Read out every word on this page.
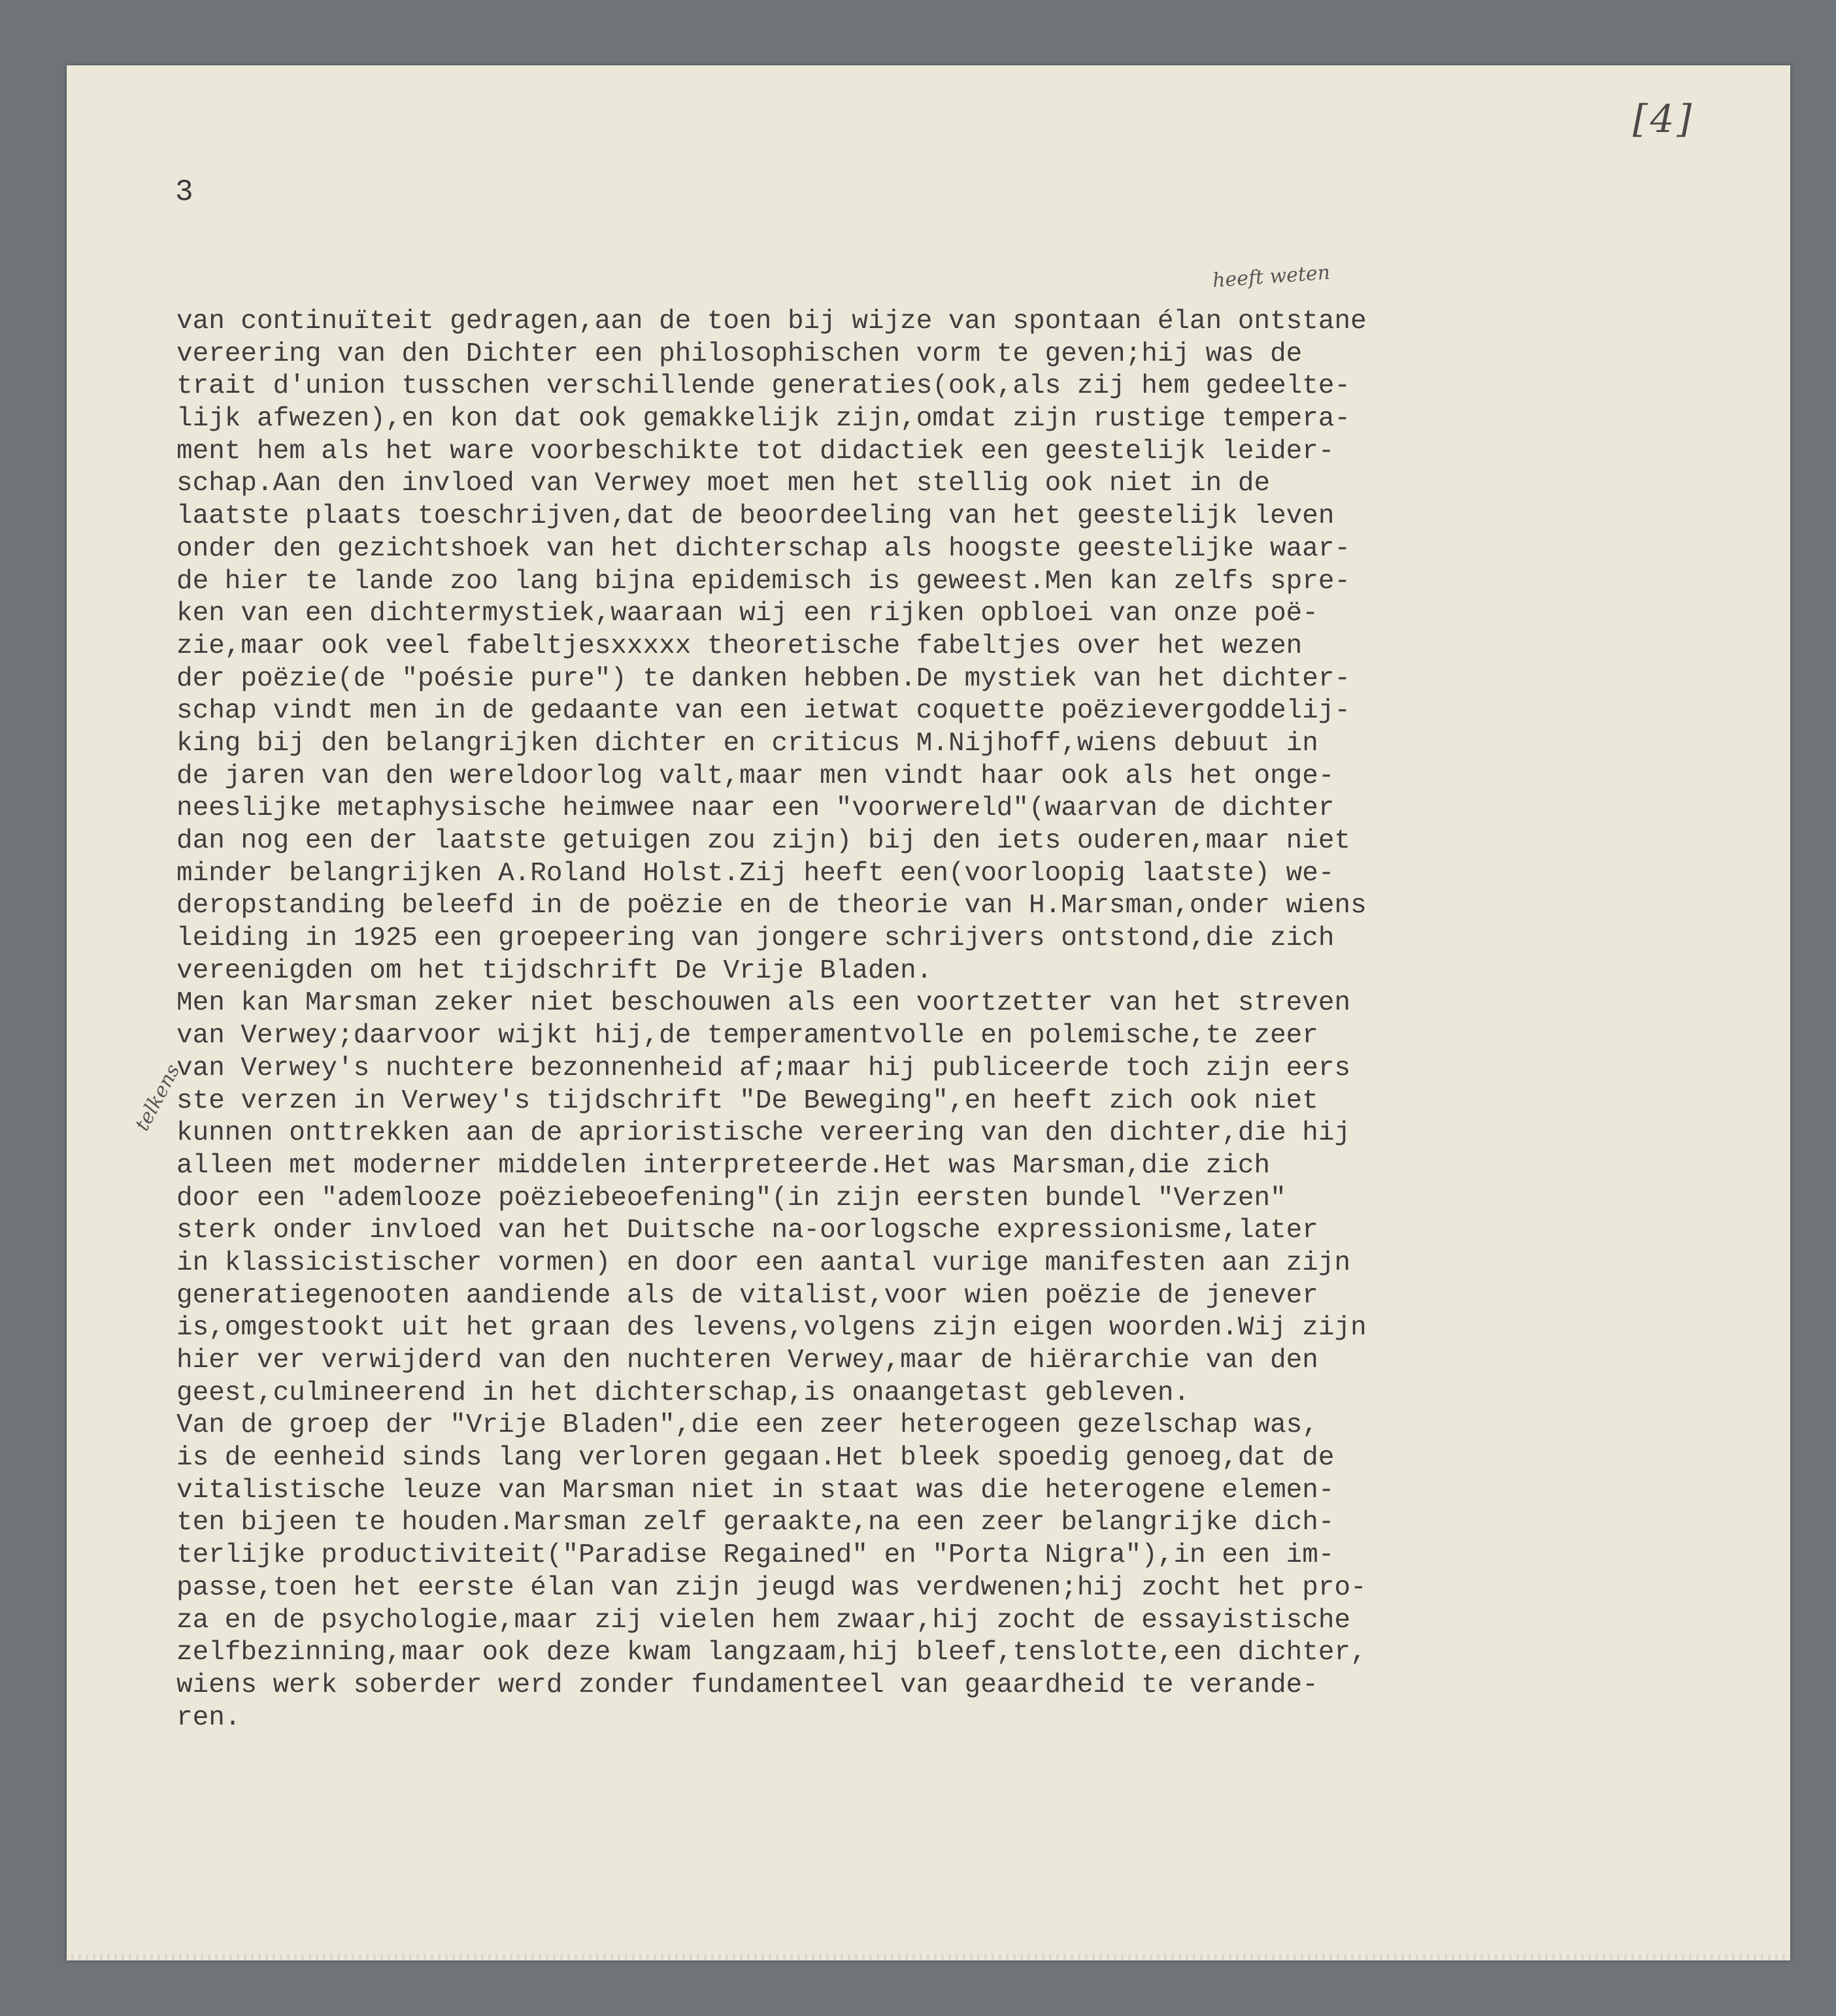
[4]

3

heeft weten

telkens

van continuïteit gedragen,aan de toen bij wijze van spontaan élan ontstane
vereering van den Dichter een philosophischen vorm te geven;hij was de
trait d'union tusschen verschillende generaties(ook,als zij hem gedeelte-
lijk afwezen),en kon dat ook gemakkelijk zijn,omdat zijn rustige tempera-
ment hem als het ware voorbeschikte tot didactiek een geestelijk leider-
schap.Aan den invloed van Verwey moet men het stellig ook niet in de
laatste plaats toeschrijven,dat de beoordeeling van het geestelijk leven
onder den gezichtshoek van het dichterschap als hoogste geestelijke waar-
de hier te lande zoo lang bijna epidemisch is geweest.Men kan zelfs spre-
ken van een dichtermystiek,waaraan wij een rijken opbloei van onze poë-
zie,maar ook veel fabeltjesxxxxx theoretische fabeltjes over het wezen
der poëzie(de "poésie pure") te danken hebben.De mystiek van het dichter-
schap vindt men in de gedaante van een ietwat coquette poëzievergoddelij-
king bij den belangrijken dichter en criticus M.Nijhoff,wiens debuut in
de jaren van den wereldoorlog valt,maar men vindt haar ook als het onge-
neeslijke metaphysische heimwee naar een "voorwereld"(waarvan de dichter
dan nog een der laatste getuigen zou zijn) bij den iets ouderen,maar niet
minder belangrijken A.Roland Holst.Zij heeft een(voorloopig laatste) we-
deropstanding beleefd in de poëzie en de theorie van H.Marsman,onder wiens
leiding in 1925 een groepeering van jongere schrijvers ontstond,die zich
vereenigden om het tijdschrift De Vrije Bladen.
Men kan Marsman zeker niet beschouwen als een voortzetter van het streven
van Verwey;daarvoor wijkt hij,de temperamentvolle en polemische,te zeer
van Verwey's nuchtere bezonnenheid af;maar hij publiceerde toch zijn eers
ste verzen in Verwey's tijdschrift "De Beweging",en heeft zich ook niet
kunnen onttrekken aan de aprioristische vereering van den dichter,die hij
alleen met moderner middelen interpreteerde.Het was Marsman,die zich
door een "ademlooze poëziebeoefening"(in zijn eersten bundel "Verzen"
sterk onder invloed van het Duitsche na-oorlogsche expressionisme,later
in klassicistischer vormen) en door een aantal vurige manifesten aan zijn
generatiegenooten aandiende als de vitalist,voor wien poëzie de jenever
is,omgestookt uit het graan des levens,volgens zijn eigen woorden.Wij zijn
hier ver verwijderd van den nuchteren Verwey,maar de hiërarchie van den
geest,culmineerend in het dichterschap,is onaangetast gebleven.
Van de groep der "Vrije Bladen",die een zeer heterogeen gezelschap was,
is de eenheid sinds lang verloren gegaan.Het bleek spoedig genoeg,dat de
vitalistische leuze van Marsman niet in staat was die heterogene elemen-
ten bijeen te houden.Marsman zelf geraakte,na een zeer belangrijke dich-
terlijke productiviteit("Paradise Regained" en "Porta Nigra"),in een im-
passe,toen het eerste élan van zijn jeugd was verdwenen;hij zocht het pro-
za en de psychologie,maar zij vielen hem zwaar,hij zocht de essayistische
zelfbezinning,maar ook deze kwam langzaam,hij bleef,tenslotte,een dichter,
wiens werk soberder werd zonder fundamenteel van geaardheid te verande-
ren.
